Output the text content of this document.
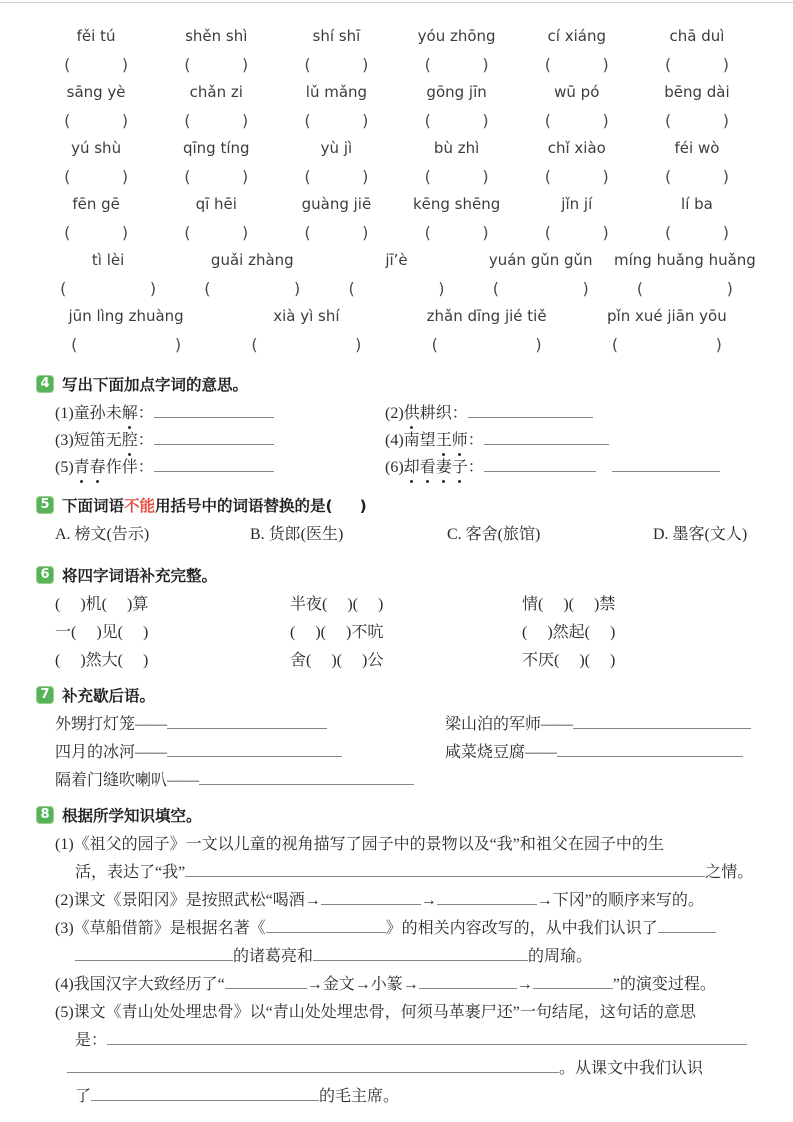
fěi tú	shěn shì	shí shī	yóu zhōng	cí xiáng	chā duì
(	)	(	)	(	)	(	)	(	)	(	)
sāng yè	chǎn zi	lǔ mǎng	gōng jīn	wū pó	bēng dài
(	)	(	)	(	)	(	)	(	)	(	)
yú shù	qīng tíng	yù jì	bù zhì	chǐ xiào	féi wò
(	)	(	)	(	)	(	)	(	)	(	)
fēn gē	qī hēi	guàng jiē	kēng shēng	jǐn jí	lí ba
(	)	(	)	(	)	(	)	(	)	(	)
tì lèi	guǎi zhàng	jī’è	yuán gǔn gǔn	míng huǎng huǎng
(	)	(	)	(	)	(	)	(	)
jūn lìng zhuàng	xià yì shí	zhǎn dīng jié tiě	pǐn xué jiān yōu
(	)	(	)	(	)	(	)
4 写出下面加点字词的意思。
(1)童孙未解：	(2)供耕织：
(3)短笛无腔：	(4)南望王师：
(5)青春作伴：	(6)却看妻子：
5 下面词语不能用括号中的词语替换的是(     )
A. 榜文(告示)	B. 货郎(医生)	C. 客舍(旅馆)	D. 墨客(文人)
6 将四字词语补充完整。
(     )机(     )算	半夜(     )(     )	情(     )(     )禁
一(     )见(     )	(     )(     )不吭	(     )然起(     )
(     )然大(     )	舍(     )(     )公	不厌(     )(     )
7 补充歇后语。
外甥打灯笼——	梁山泊的军师——
四月的冰河——	咸菜烧豆腐——
隔着门缝吹喇叭——
8 根据所学知识填空。
(1)《祖父的园子》一文以儿童的视角描写了园子中的景物以及“我”和祖父在园子中的生
活，表达了“我”	之情。
(2)课文《景阳冈》是按照武松“喝酒→	→	→下冈”的顺序来写的。
(3)《草船借箭》是根据名著《	》的相关内容改写的，从中我们认识了
的诸葛亮和	的周瑜。
(4)我国汉字大致经历了“	→金文→小篆→	→	”的演变过程。
(5)课文《青山处处埋忠骨》以“青山处处埋忠骨，何须马革裹尸还”一句结尾，这句话的意思
是：
。从课文中我们认识
了	的毛主席。
